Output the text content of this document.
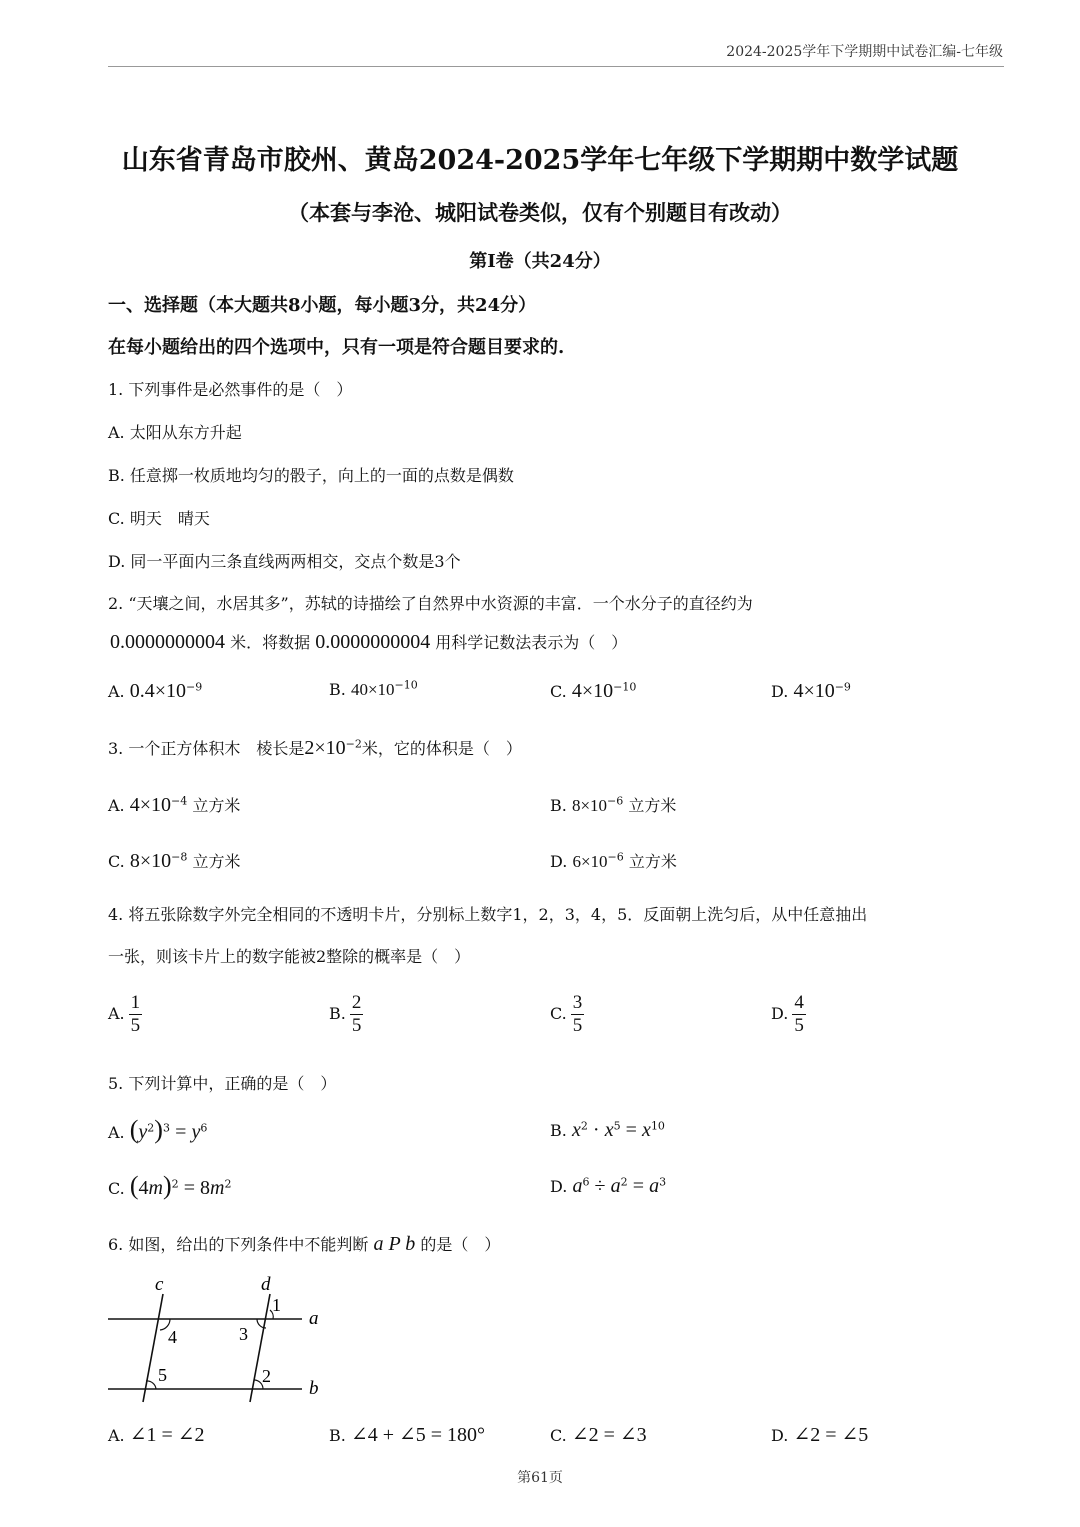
2024-2025学年下学期期中试卷汇编-七年级
山东省青岛市胶州、黄岛2024-2025学年七年级下学期期中数学试题
（本套与李沧、城阳试卷类似，仅有个别题目有改动）
第Ⅰ卷（共24分）
一、选择题（本大题共8小题，每小题3分，共24分）
在每小题给出的四个选项中，只有一项是符合题目要求的.
1. 下列事件是必然事件的是（　）
A. 太阳从东方升起
B. 任意掷一枚质地均匀的骰子，向上的一面的点数是偶数
C. 明天　晴天
D. 同一平面内三条直线两两相交，交点个数是3个
2. “天壤之间，水居其多”，苏轼的诗描绘了自然界中水资源的丰富．一个水分子的直径约为
0.0000000004 米．将数据 0.0000000004 用科学记数法表示为（　）
A. $0.4\times 10^{-9}$	B. $40\times 10^{-10}$	C. $4\times 10^{-10}$	D. $4\times 10^{-9}$
3. 一个正方体积木　棱长是$2\times 10^{-2}$米，它的体积是（　）
A. $4\times 10^{-4}$ 立方米	B. $8\times 10^{-6}$ 立方米
C. $8\times 10^{-8}$ 立方米	D. $6\times 10^{-6}$ 立方米
4. 将五张除数字外完全相同的不透明卡片，分别标上数字1，2，3，4，5．反面朝上洗匀后，从中任意抽出
一张，则该卡片上的数字能被2整除的概率是（　）
A. $\frac{1}{5}$	B. $\frac{2}{5}$	C. $\frac{3}{5}$	D. $\frac{4}{5}$
5. 下列计算中，正确的是（　）
A. $(y^2)^3 = y^6$	B. $x^2 \cdot x^5 = x^{10}$
C. $(4m)^2 = 8m^2$	D. $a^6 \div a^2 = a^3$
6. 如图，给出的下列条件中不能判断 a P b 的是（　）
c	d
a
b
1
2
3
4
5
A. ∠1 = ∠2	B. ∠4 + ∠5 = 180°	C. ∠2 = ∠3	D. ∠2 = ∠5
第61页
